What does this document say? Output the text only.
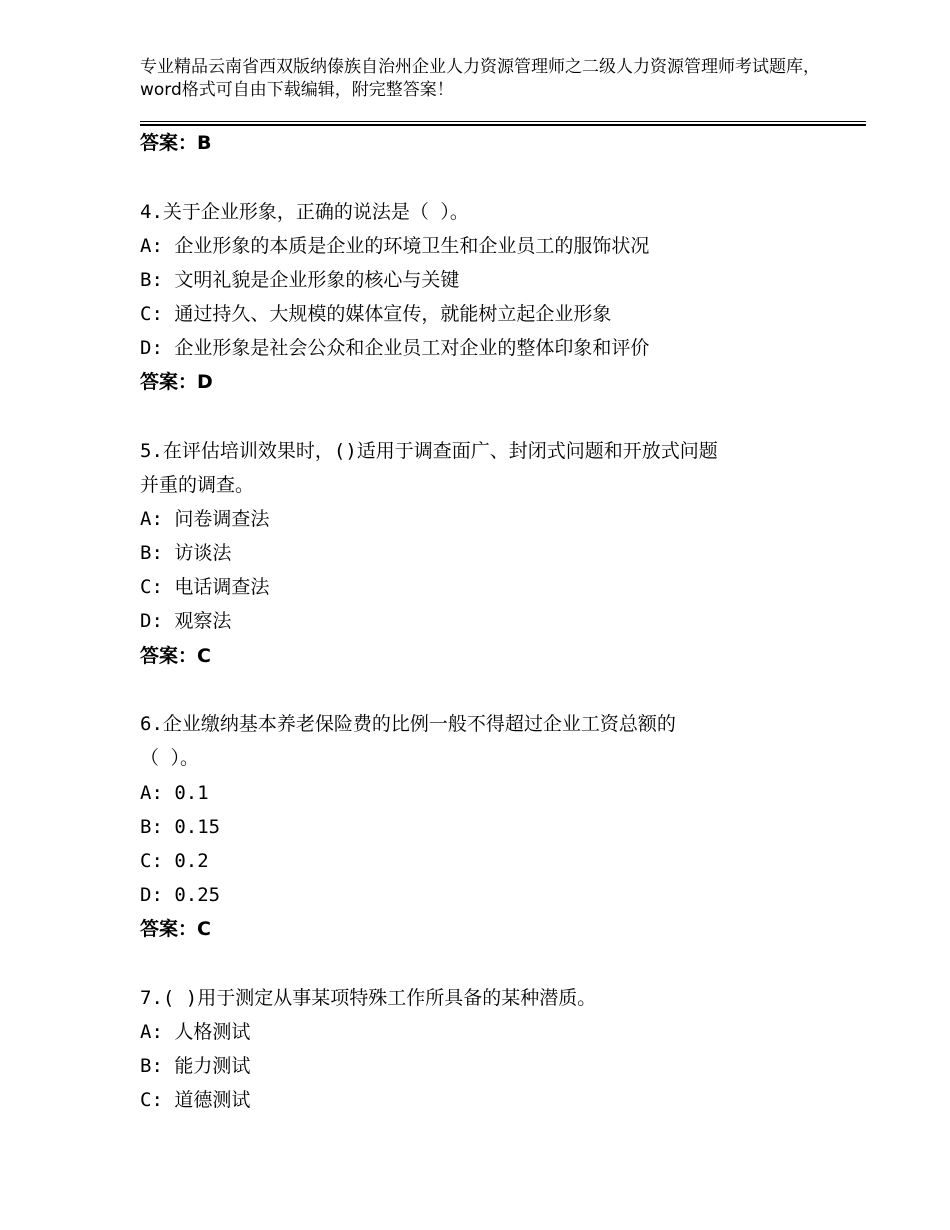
专业精品云南省西双版纳傣族自治州企业人力资源管理师之二级人力资源管理师考试题库，word格式可自由下载编辑，附完整答案！
答案：B
4.关于企业形象，正确的说法是（ ）。
A: 企业形象的本质是企业的环境卫生和企业员工的服饰状况
B: 文明礼貌是企业形象的核心与关键
C: 通过持久、大规模的媒体宣传，就能树立起企业形象
D: 企业形象是社会公众和企业员工对企业的整体印象和评价
答案：D
5.在评估培训效果时，()适用于调查面广、封闭式问题和开放式问题
并重的调查。
A: 问卷调查法
B: 访谈法
C: 电话调查法
D: 观察法
答案：C
6.企业缴纳基本养老保险费的比例一般不得超过企业工资总额的
（ ）。
A: 0.1
B: 0.15
C: 0.2
D: 0.25
答案：C
7.( )用于测定从事某项特殊工作所具备的某种潜质。
A: 人格测试
B: 能力测试
C: 道德测试
